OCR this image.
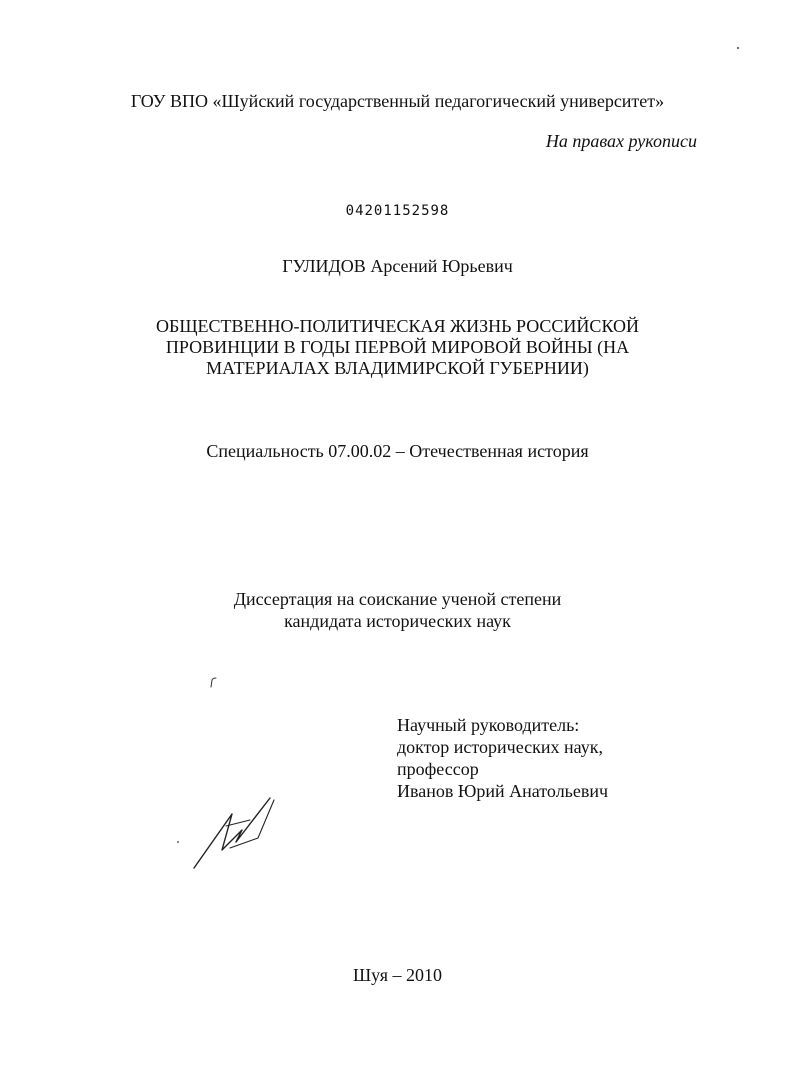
ГОУ ВПО «Шуйский государственный педагогический университет»
На правах рукописи
04201152598
ГУЛИДОВ Арсений Юрьевич
ОБЩЕСТВЕННО-ПОЛИТИЧЕСКАЯ ЖИЗНЬ РОССИЙСКОЙ
ПРОВИНЦИИ В ГОДЫ ПЕРВОЙ МИРОВОЙ ВОЙНЫ (НА
МАТЕРИАЛАХ ВЛАДИМИРСКОЙ ГУБЕРНИИ)
Специальность 07.00.02 – Отечественная история
Диссертация на соискание ученой степени
кандидата исторических наук
Научный руководитель:
доктор исторических наук,
профессор
Иванов Юрий Анатольевич
Шуя – 2010
